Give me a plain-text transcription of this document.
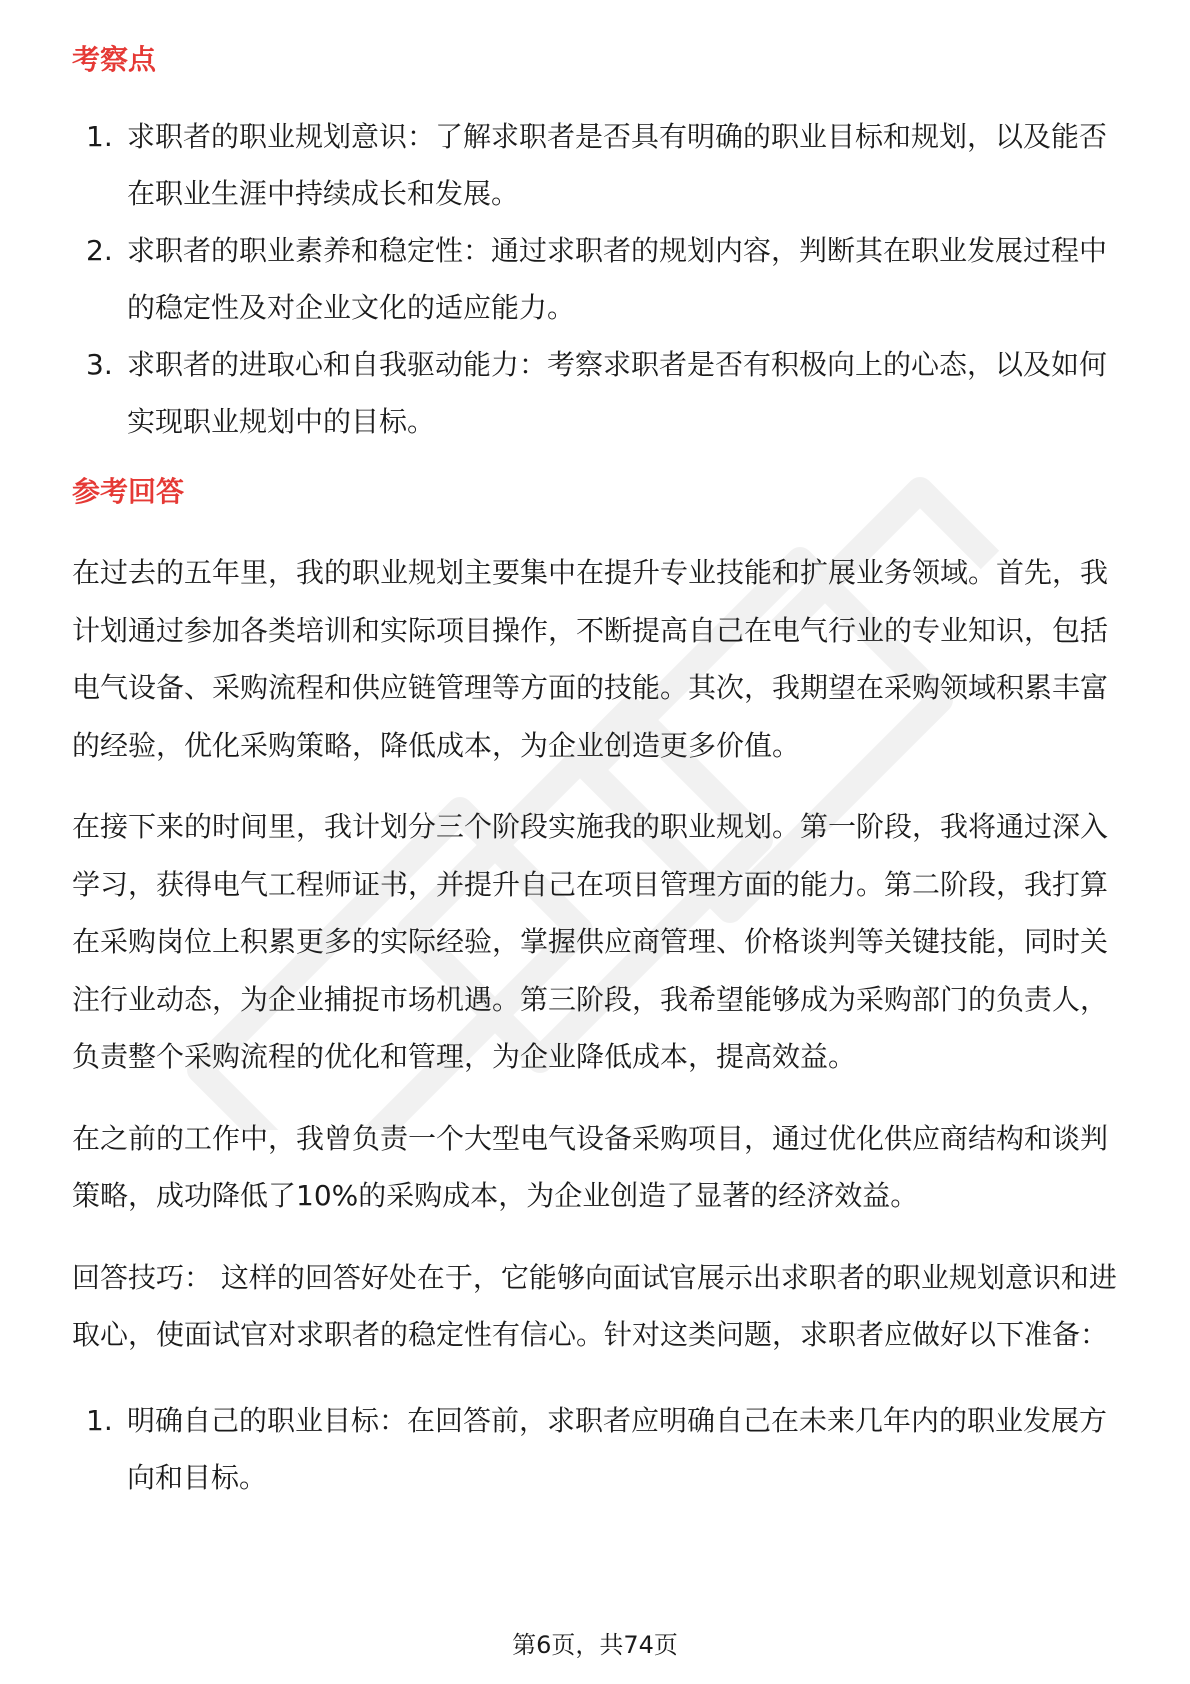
考察点
1. 求职者的职业规划意识：了解求职者是否具有明确的职业目标和规划，以及能否在职业生涯中持续成长和发展。
2. 求职者的职业素养和稳定性：通过求职者的规划内容，判断其在职业发展过程中的稳定性及对企业文化的适应能力。
3. 求职者的进取心和自我驱动能力：考察求职者是否有积极向上的心态，以及如何实现职业规划中的目标。
参考回答

在过去的五年里，我的职业规划主要集中在提升专业技能和扩展业务领域。首先，我计划通过参加各类培训和实际项目操作，不断提高自己在电气行业的专业知识，包括电气设备、采购流程和供应链管理等方面的技能。其次，我期望在采购领域积累丰富的经验，优化采购策略，降低成本，为企业创造更多价值。

在接下来的时间里，我计划分三个阶段实施我的职业规划。第一阶段，我将通过深入学习，获得电气工程师证书，并提升自己在项目管理方面的能力。第二阶段，我打算在采购岗位上积累更多的实际经验，掌握供应商管理、价格谈判等关键技能，同时关注行业动态，为企业捕捉市场机遇。第三阶段，我希望能够成为采购部门的负责人，负责整个采购流程的优化和管理，为企业降低成本，提高效益。

在之前的工作中，我曾负责一个大型电气设备采购项目，通过优化供应商结构和谈判策略，成功降低了10%的采购成本，为企业创造了显著的经济效益。

回答技巧： 这样的回答好处在于，它能够向面试官展示出求职者的职业规划意识和进取心，使面试官对求职者的稳定性有信心。针对这类问题，求职者应做好以下准备：

1. 明确自己的职业目标：在回答前，求职者应明确自己在未来几年内的职业发展方向和目标。
第6页，共74页
